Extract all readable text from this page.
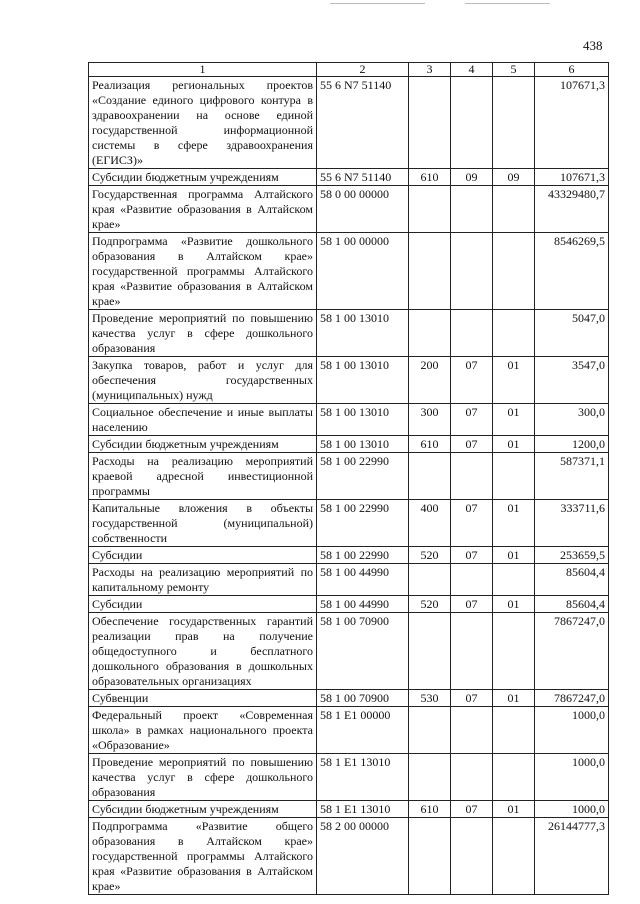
438
1	2	3	4	5	6
Реализация региональных проектов «Создание единого цифрового контура в здравоохранении на основе единой государственной информационной системы в сфере здравоохранения (ЕГИСЗ)»	55 6 N7 51140				107671,3
Субсидии бюджетным учреждениям	55 6 N7 51140	610	09	09	107671,3
Государственная программа Алтайского края «Развитие образования в Алтайском крае»	58 0 00 00000				43329480,7
Подпрограмма «Развитие дошкольного образования в Алтайском крае» государственной программы Алтайского края «Развитие образования в Алтайском крае»	58 1 00 00000				8546269,5
Проведение мероприятий по повышению качества услуг в сфере дошкольного образования	58 1 00 13010				5047,0
Закупка товаров, работ и услуг для обеспечения государственных (муниципальных) нужд	58 1 00 13010	200	07	01	3547,0
Социальное обеспечение и иные выплаты населению	58 1 00 13010	300	07	01	300,0
Субсидии бюджетным учреждениям	58 1 00 13010	610	07	01	1200,0
Расходы на реализацию мероприятий краевой адресной инвестиционной программы	58 1 00 22990				587371,1
Капитальные вложения в объекты государственной (муниципальной) собственности	58 1 00 22990	400	07	01	333711,6
Субсидии	58 1 00 22990	520	07	01	253659,5
Расходы на реализацию мероприятий по капитальному ремонту	58 1 00 44990				85604,4
Субсидии	58 1 00 44990	520	07	01	85604,4
Обеспечение государственных гарантий реализации прав на получение общедоступного и бесплатного дошкольного образования в дошкольных образовательных организациях	58 1 00 70900				7867247,0
Субвенции	58 1 00 70900	530	07	01	7867247,0
Федеральный проект «Современная школа» в рамках национального проекта «Образование»	58 1 E1 00000				1000,0
Проведение мероприятий по повышению качества услуг в сфере дошкольного образования	58 1 E1 13010				1000,0
Субсидии бюджетным учреждениям	58 1 E1 13010	610	07	01	1000,0
Подпрограмма «Развитие общего образования в Алтайском крае» государственной программы Алтайского края «Развитие образования в Алтайском крае»	58 2 00 00000				26144777,3
